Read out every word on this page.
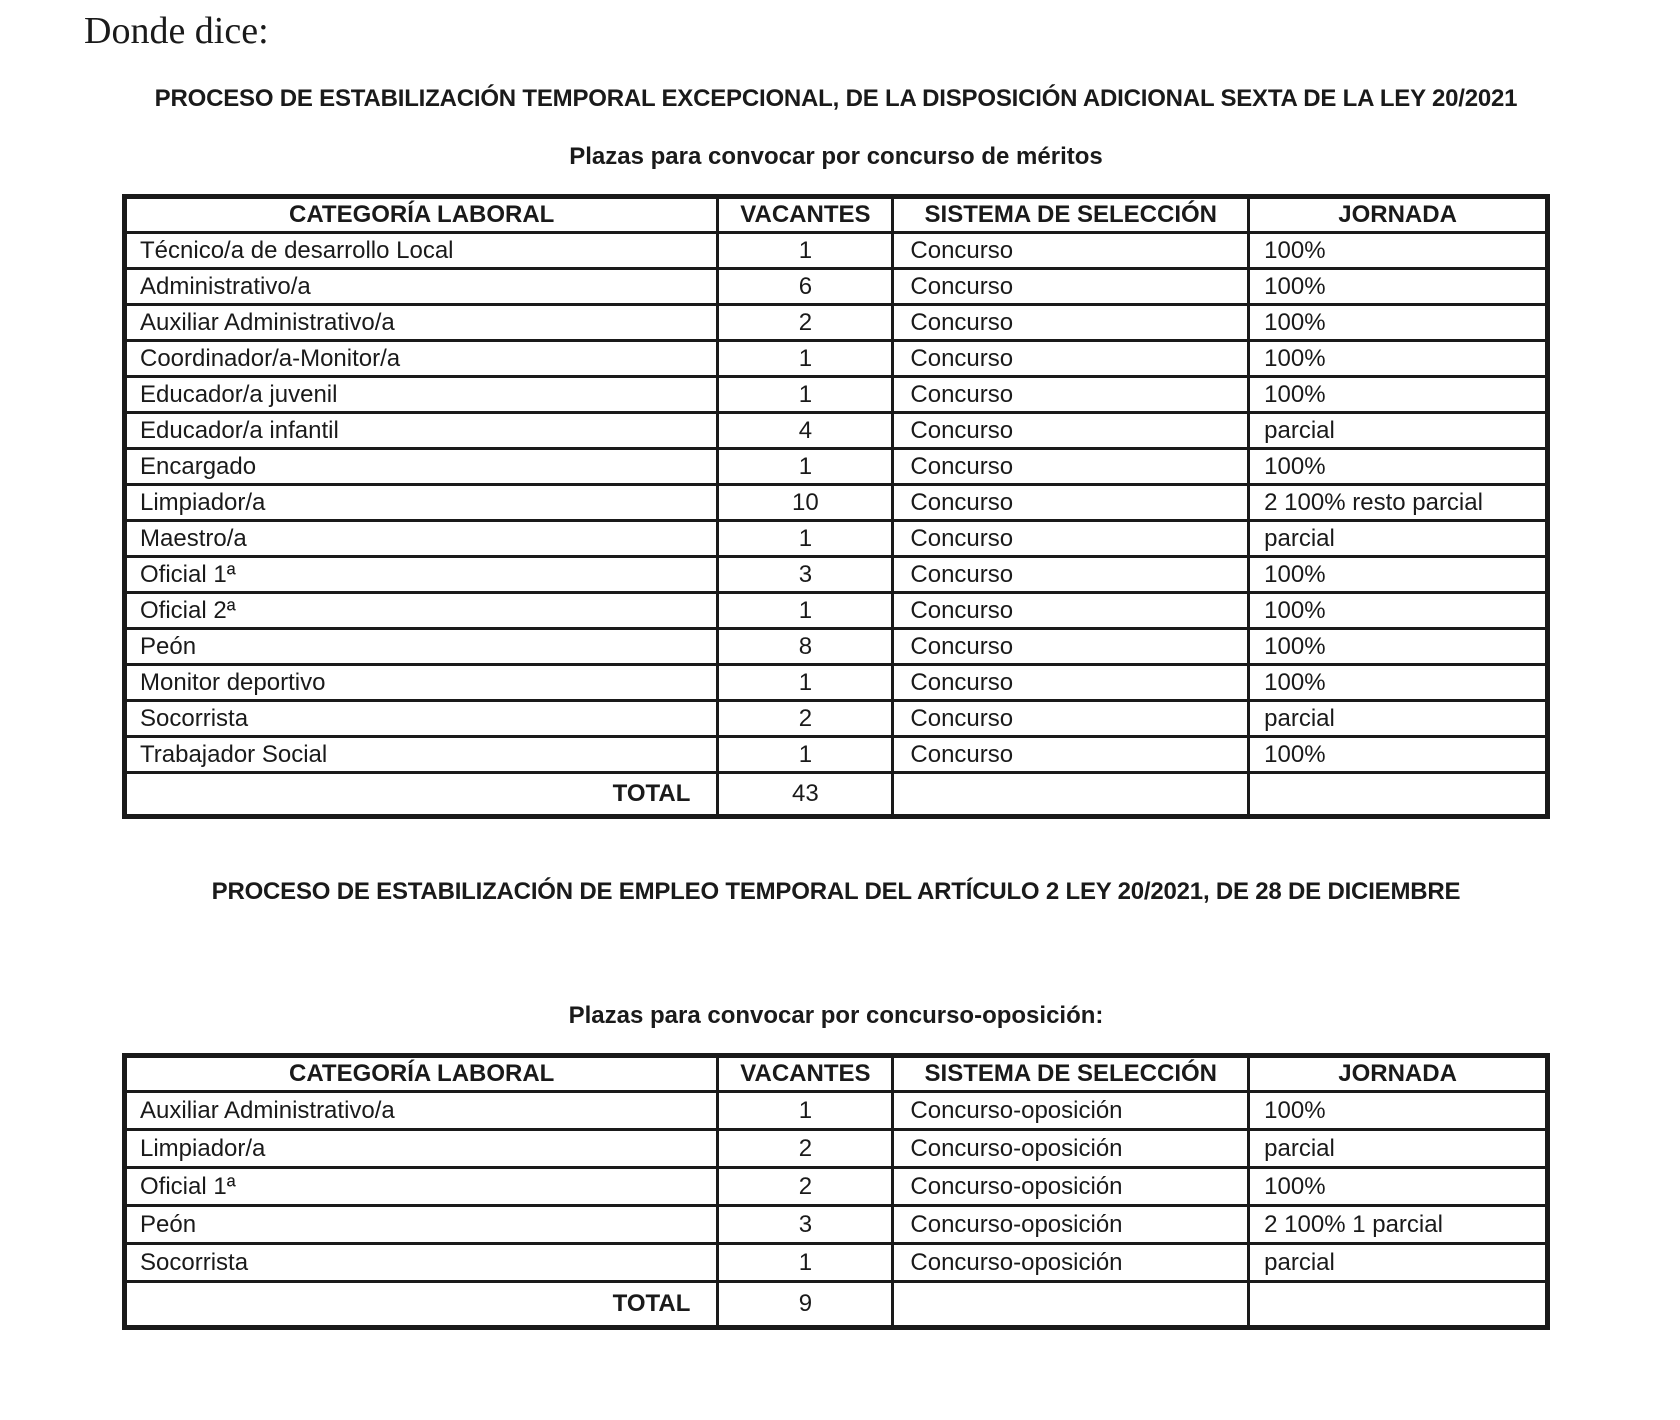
Donde dice:
PROCESO DE ESTABILIZACIÓN TEMPORAL EXCEPCIONAL, DE LA DISPOSICIÓN ADICIONAL SEXTA DE LA LEY 20/2021
Plazas para convocar por concurso de méritos
CATEGORÍA LABORAL	VACANTES	SISTEMA DE SELECCIÓN	JORNADA
Técnico/a de desarrollo Local	1	Concurso	100%
Administrativo/a	6	Concurso	100%
Auxiliar Administrativo/a	2	Concurso	100%
Coordinador/a-Monitor/a	1	Concurso	100%
Educador/a juvenil	1	Concurso	100%
Educador/a infantil	4	Concurso	parcial
Encargado	1	Concurso	100%
Limpiador/a	10	Concurso	2 100% resto parcial
Maestro/a	1	Concurso	parcial
Oficial 1ª	3	Concurso	100%
Oficial 2ª	1	Concurso	100%
Peón	8	Concurso	100%
Monitor deportivo	1	Concurso	100%
Socorrista	2	Concurso	parcial
Trabajador Social	1	Concurso	100%
TOTAL	43		
PROCESO DE ESTABILIZACIÓN DE EMPLEO TEMPORAL DEL ARTÍCULO 2 LEY 20/2021, DE 28 DE DICIEMBRE
Plazas para convocar por concurso-oposición:
CATEGORÍA LABORAL	VACANTES	SISTEMA DE SELECCIÓN	JORNADA
Auxiliar Administrativo/a	1	Concurso-oposición	100%
Limpiador/a	2	Concurso-oposición	parcial
Oficial 1ª	2	Concurso-oposición	100%
Peón	3	Concurso-oposición	2 100% 1 parcial
Socorrista	1	Concurso-oposición	parcial
TOTAL	9		
